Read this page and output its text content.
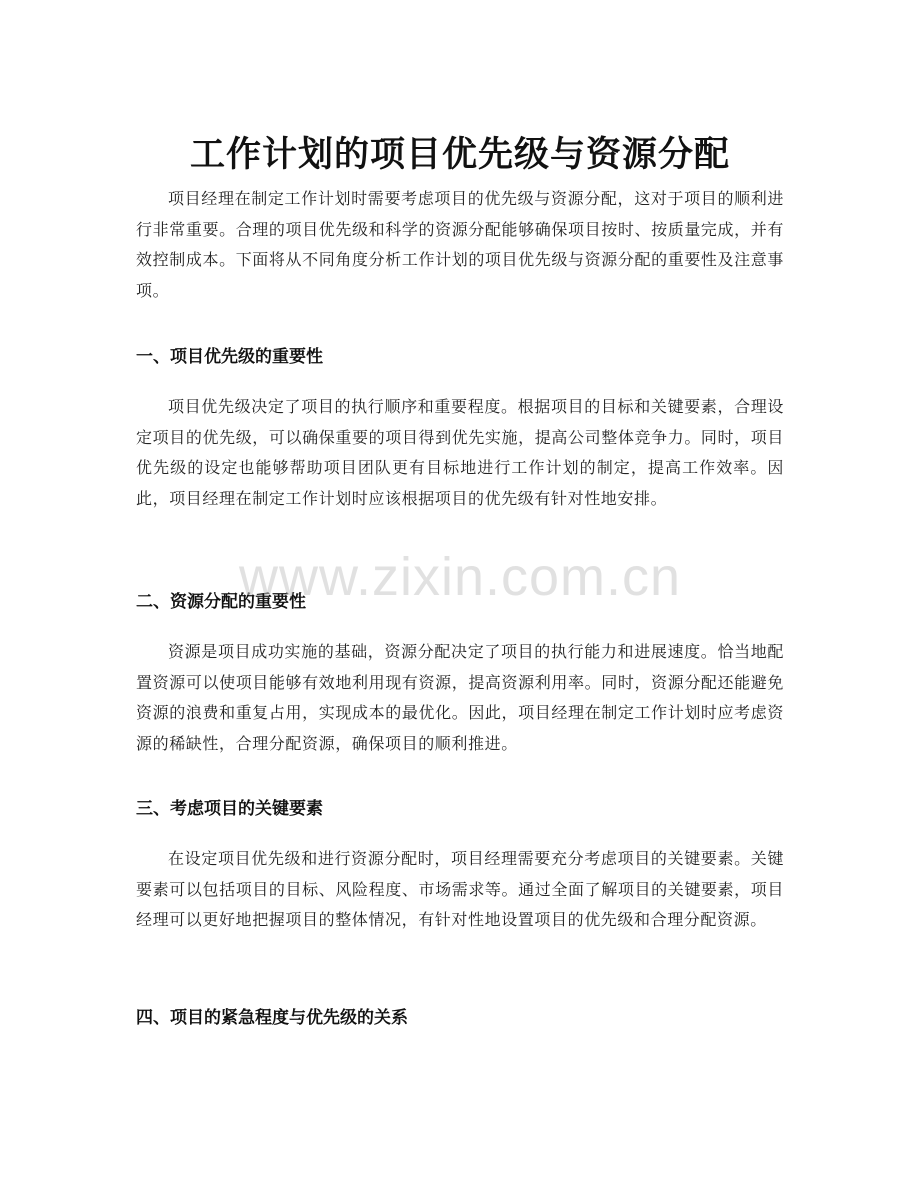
工作计划的项目优先级与资源分配

项目经理在制定工作计划时需要考虑项目的优先级与资源分配，这对于项目的顺利进行非常重要。合理的项目优先级和科学的资源分配能够确保项目按时、按质量完成，并有效控制成本。下面将从不同角度分析工作计划的项目优先级与资源分配的重要性及注意事项。

一、项目优先级的重要性

项目优先级决定了项目的执行顺序和重要程度。根据项目的目标和关键要素，合理设定项目的优先级，可以确保重要的项目得到优先实施，提高公司整体竞争力。同时，项目优先级的设定也能够帮助项目团队更有目标地进行工作计划的制定，提高工作效率。因此，项目经理在制定工作计划时应该根据项目的优先级有针对性地安排。

二、资源分配的重要性

资源是项目成功实施的基础，资源分配决定了项目的执行能力和进展速度。恰当地配置资源可以使项目能够有效地利用现有资源，提高资源利用率。同时，资源分配还能避免资源的浪费和重复占用，实现成本的最优化。因此，项目经理在制定工作计划时应考虑资源的稀缺性，合理分配资源，确保项目的顺利推进。

三、考虑项目的关键要素

在设定项目优先级和进行资源分配时，项目经理需要充分考虑项目的关键要素。关键要素可以包括项目的目标、风险程度、市场需求等。通过全面了解项目的关键要素，项目经理可以更好地把握项目的整体情况，有针对性地设置项目的优先级和合理分配资源。

四、项目的紧急程度与优先级的关系
www.zixin.com.cn
